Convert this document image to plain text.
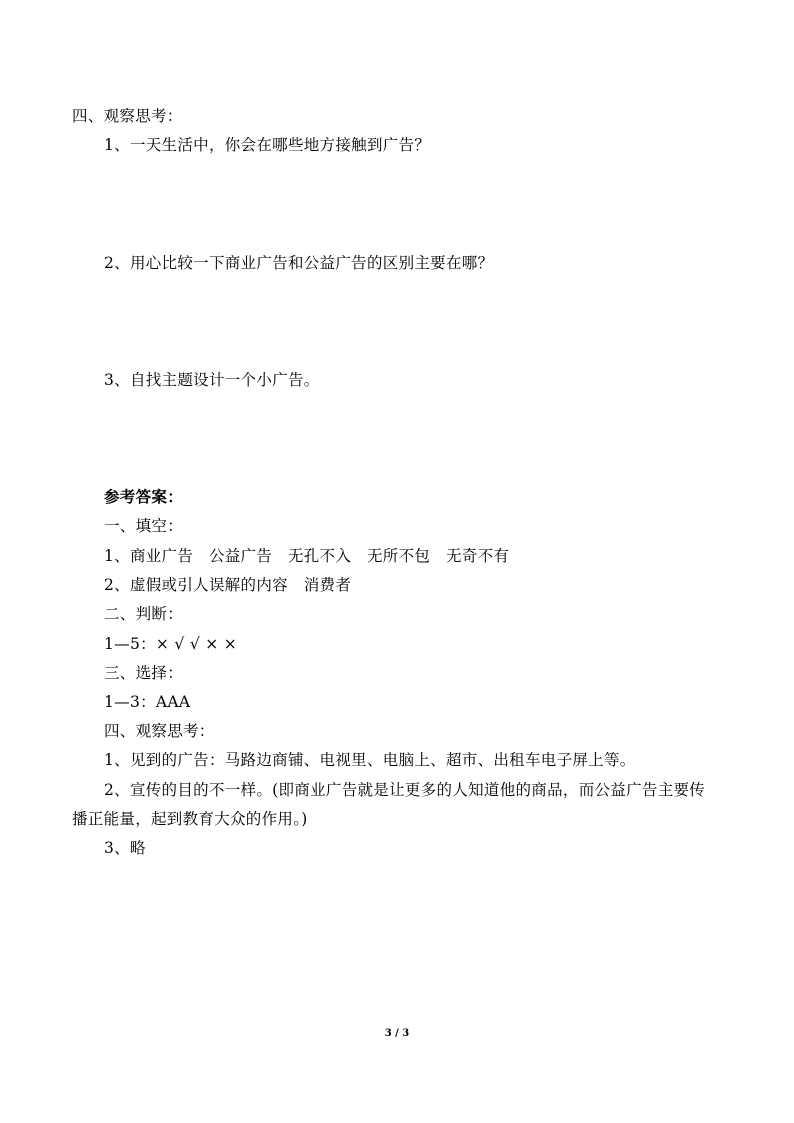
四、观察思考：
1、一天生活中，你会在哪些地方接触到广告？
2、用心比较一下商业广告和公益广告的区别主要在哪？
3、自找主题设计一个小广告。
参考答案：
一、填空：
1、商业广告　公益广告　无孔不入　无所不包　无奇不有
2、虚假或引人误解的内容　消费者
二、判断：
1—5：× √ √ × ×
三、选择：
1—3：AAA
四、观察思考：
1、见到的广告：马路边商铺、电视里、电脑上、超市、出租车电子屏上等。
2、宣传的目的不一样。(即商业广告就是让更多的人知道他的商品，而公益广告主要传
播正能量，起到教育大众的作用。)
3、略
3 / 3
